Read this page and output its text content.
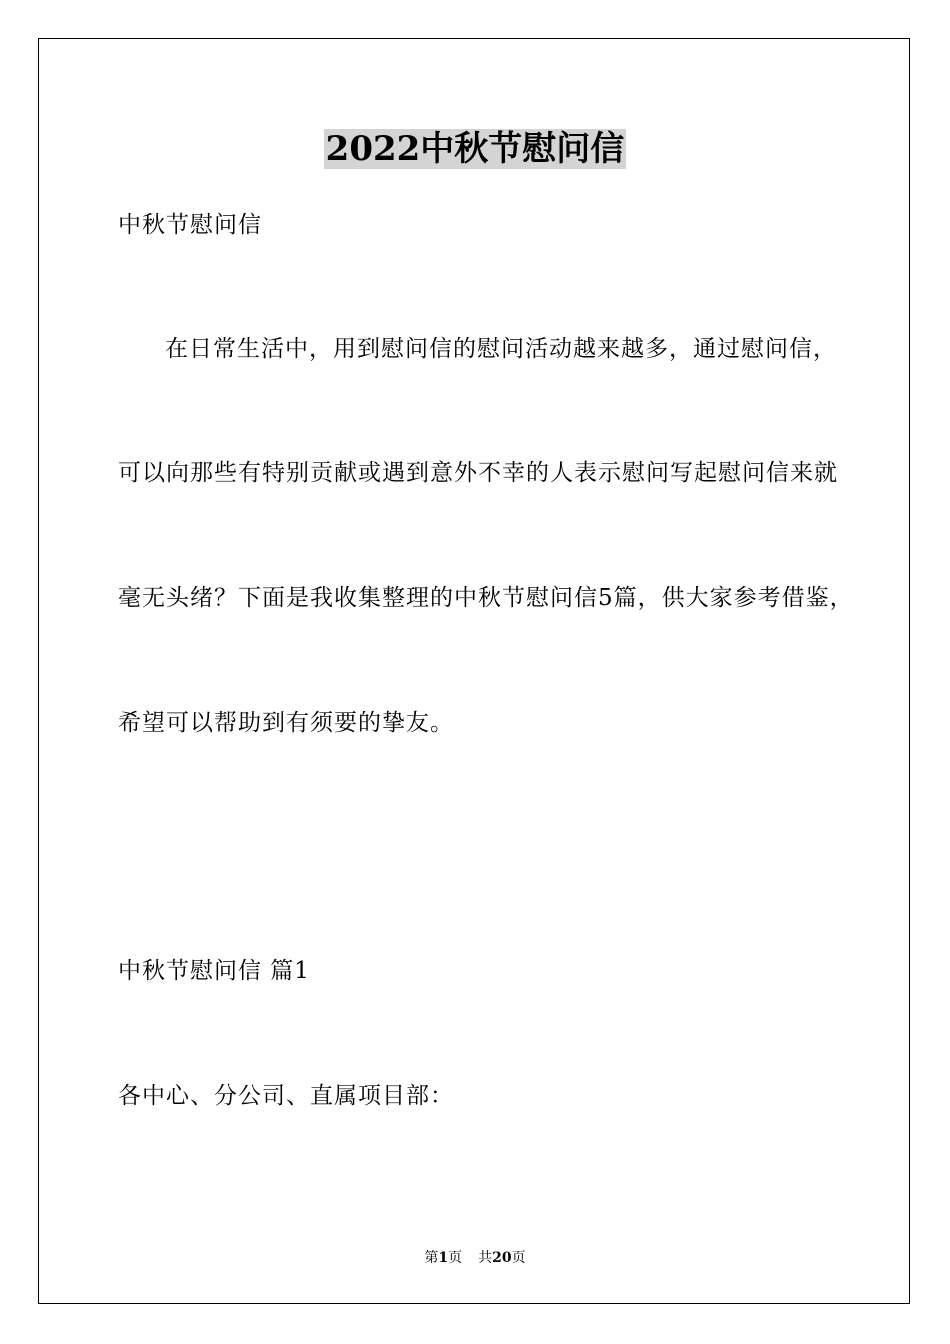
2022中秋节慰问信
中秋节慰问信
在日常生活中，用到慰问信的慰问活动越来越多，通过慰问信，
可以向那些有特别贡献或遇到意外不幸的人表示慰问写起慰问信来就
毫无头绪？下面是我收集整理的中秋节慰问信5篇，供大家参考借鉴，
希望可以帮助到有须要的挚友。
中秋节慰问信 篇1
各中心、分公司、直属项目部：
第1页 共20页
